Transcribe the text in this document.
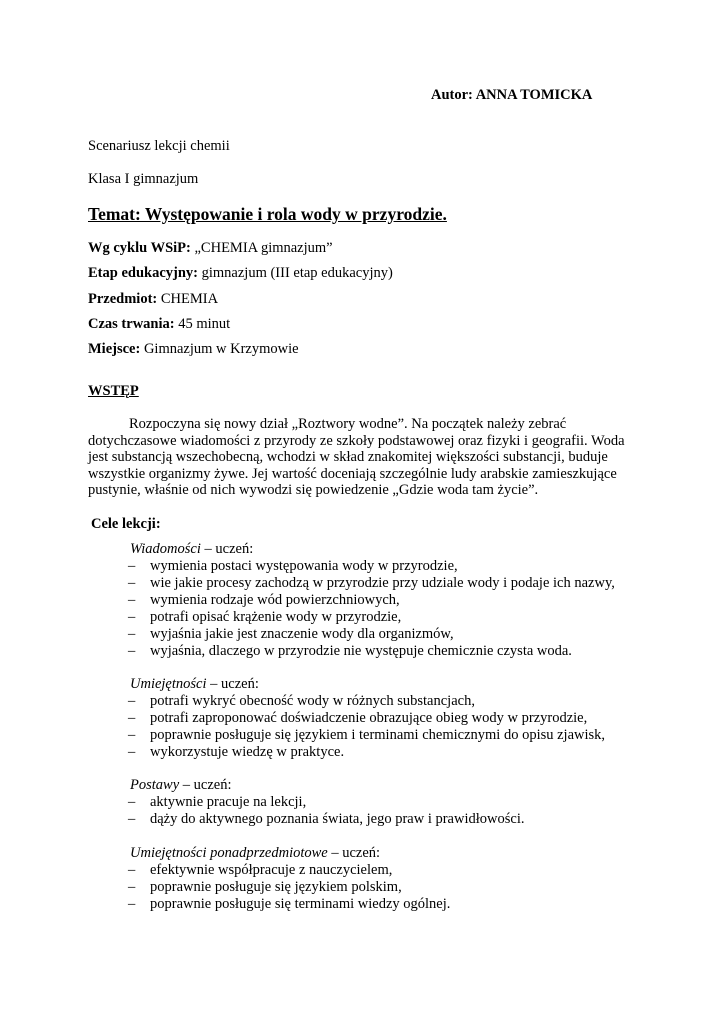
Autor: ANNA TOMICKA
Scenariusz lekcji chemii
Klasa I gimnazjum
Temat: Występowanie i rola wody w przyrodzie.
Wg cyklu WSiP: „CHEMIA gimnazjum”
Etap edukacyjny: gimnazjum (III etap edukacyjny)
Przedmiot: CHEMIA
Czas trwania: 45 minut
Miejsce: Gimnazjum w Krzymowie
WSTĘP
Rozpoczyna się nowy dział „Roztwory wodne”. Na początek należy zebrać dotychczasowe wiadomości z przyrody ze szkoły podstawowej oraz fizyki i geografii. Woda jest substancją wszechobecną, wchodzi w skład znakomitej większości substancji, buduje wszystkie organizmy żywe. Jej wartość doceniają szczególnie ludy arabskie zamieszkujące pustynie, właśnie od nich wywodzi się powiedzenie „Gdzie woda tam życie”.
Cele lekcji:
Wiadomości – uczeń:
– wymienia postaci występowania wody w przyrodzie,
– wie jakie procesy zachodzą w przyrodzie przy udziale wody i podaje ich nazwy,
– wymienia rodzaje wód powierzchniowych,
– potrafi opisać krążenie wody w przyrodzie,
– wyjaśnia jakie jest znaczenie wody dla organizmów,
– wyjaśnia, dlaczego w przyrodzie nie występuje chemicznie czysta woda.
Umiejętności – uczeń:
– potrafi wykryć obecność wody w różnych substancjach,
– potrafi zaproponować doświadczenie obrazujące obieg wody w przyrodzie,
– poprawnie posługuje się językiem i terminami chemicznymi do opisu zjawisk,
– wykorzystuje wiedzę w praktyce.
Postawy – uczeń:
– aktywnie pracuje na lekcji,
– dąży do aktywnego poznania świata, jego praw i prawidłowości.
Umiejętności ponadprzedmiotowe – uczeń:
– efektywnie współpracuje z nauczycielem,
– poprawnie posługuje się językiem polskim,
– poprawnie posługuje się terminami wiedzy ogólnej.
